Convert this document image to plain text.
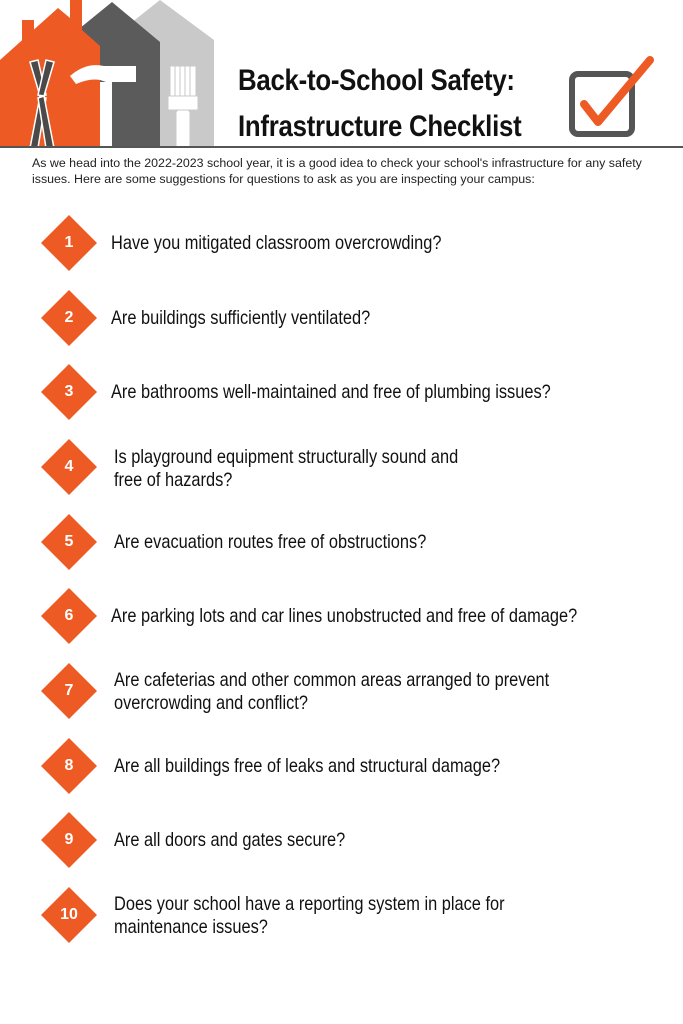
Back-to-School Safety:
Infrastructure Checklist
As we head into the 2022-2023 school year, it is a good idea to check your school's infrastructure for any safety issues. Here are some suggestions for questions to ask as you are inspecting your campus:
1	Have you mitigated classroom overcrowding?
2	Are buildings sufficiently ventilated?
3	Are bathrooms well-maintained and free of plumbing issues?
4	Is playground equipment structurally sound and
free of hazards?
5	Are evacuation routes free of obstructions?
6	Are parking lots and car lines unobstructed and free of damage?
7	Are cafeterias and other common areas arranged to prevent
overcrowding and conflict?
8	Are all buildings free of leaks and structural damage?
9	Are all doors and gates secure?
10	Does your school have a reporting system in place for
maintenance issues?
